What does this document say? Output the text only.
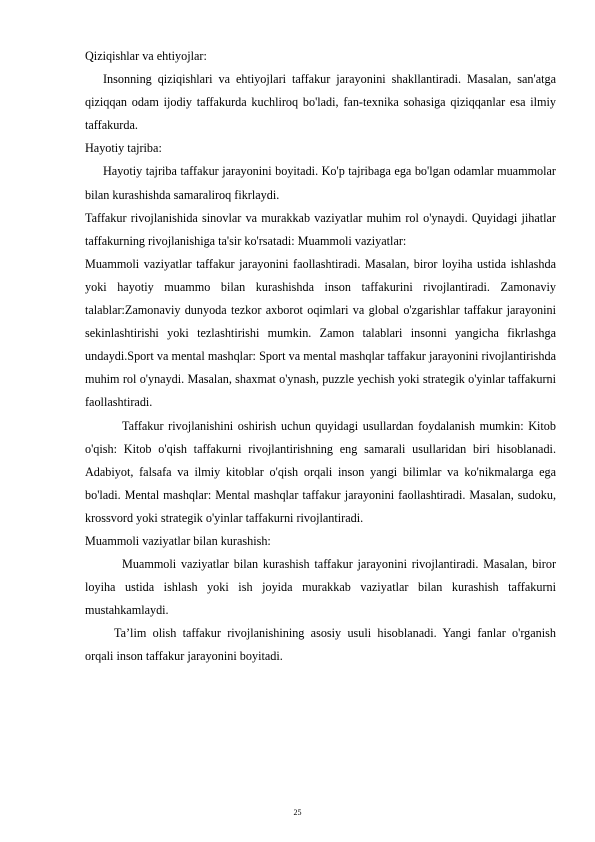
Qiziqishlar va ehtiyojlar:

Insonning qiziqishlari va ehtiyojlari taffakur jarayonini shakllantiradi. Masalan, san'atga qiziqqan odam ijodiy taffakurda kuchliroq bo'ladi, fan-texnika sohasiga qiziqqanlar esa ilmiy taffakurda.

Hayotiy tajriba:

Hayotiy tajriba taffakur jarayonini boyitadi. Ko'p tajribaga ega bo'lgan odamlar muammolar bilan kurashishda samaraliroq fikrlaydi.

Taffakur rivojlanishida sinovlar va murakkab vaziyatlar muhim rol o'ynaydi. Quyidagi jihatlar taffakurning rivojlanishiga ta'sir ko'rsatadi: Muammoli vaziyatlar:

Muammoli vaziyatlar taffakur jarayonini faollashtiradi. Masalan, biror loyiha ustida ishlashda yoki hayotiy muammo bilan kurashishda inson taffakurini rivojlantiradi. Zamonaviy talablar:Zamonaviy dunyoda tezkor axborot oqimlari va global o'zgarishlar taffakur jarayonini sekinlashtirishi yoki tezlashtirishi mumkin. Zamon talablari insonni yangicha fikrlashga undaydi.Sport va mental mashqlar: Sport va mental mashqlar taffakur jarayonini rivojlantirishda muhim rol o'ynaydi. Masalan, shaxmat o'ynash, puzzle yechish yoki strategik o'yinlar taffakurni faollashtiradi.

Taffakur rivojlanishini oshirish uchun quyidagi usullardan foydalanish mumkin: Kitob o'qish: Kitob o'qish taffakurni rivojlantirishning eng samarali usullaridan biri hisoblanadi. Adabiyot, falsafa va ilmiy kitoblar o'qish orqali inson yangi bilimlar va ko'nikmalarga ega bo'ladi. Mental mashqlar: Mental mashqlar taffakur jarayonini faollashtiradi. Masalan, sudoku, krossvord yoki strategik o'yinlar taffakurni rivojlantiradi.

Muammoli vaziyatlar bilan kurashish:

Muammoli vaziyatlar bilan kurashish taffakur jarayonini rivojlantiradi. Masalan, biror loyiha ustida ishlash yoki ish joyida murakkab vaziyatlar bilan kurashish taffakurni mustahkamlaydi.

Ta’lim olish taffakur rivojlanishining asosiy usuli hisoblanadi. Yangi fanlar o'rganish orqali inson taffakur jarayonini boyitadi.

25
